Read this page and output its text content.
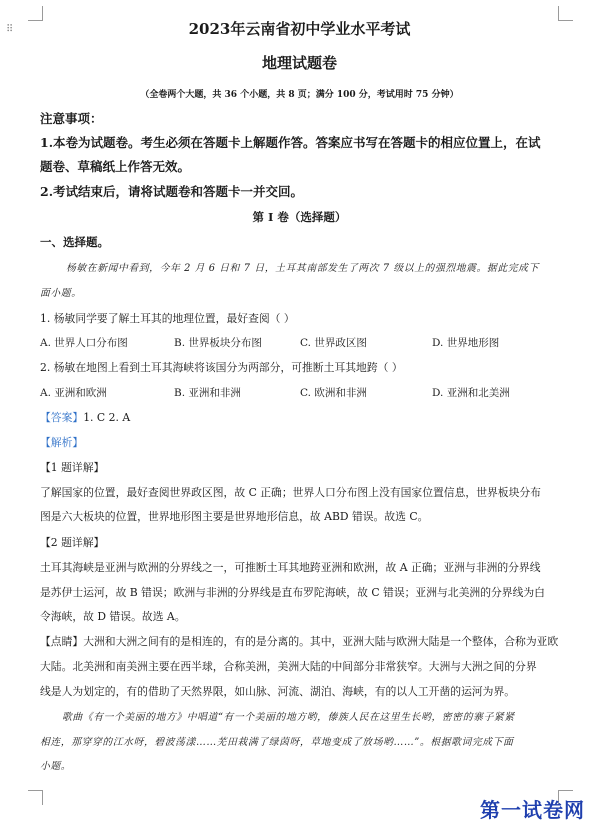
⠿	2023年云南省初中学业水平考试
地理试题卷
（全卷两个大题，共 36 个小题，共 8 页；满分 100 分，考试用时 75 分钟）
注意事项：
1.本卷为试题卷。考生必须在答题卡上解题作答。答案应书写在答题卡的相应位置上，在试
题卷、草稿纸上作答无效。
2.考试结束后，请将试题卷和答题卡一并交回。
第 I 卷（选择题）
一、选择题。
杨敏在新闻中看到，今年 2 月 6 日和 7 日，土耳其南部发生了两次 7 级以上的强烈地震。据此完成下
面小题。
1. 杨敏同学要了解土耳其的地理位置，最好查阅（ ）
A. 世界人口分布图	B. 世界板块分布图	C. 世界政区图	D. 世界地形图
2. 杨敏在地图上看到土耳其海峡将该国分为两部分，可推断土耳其地跨（ ）
A. 亚洲和欧洲	B. 亚洲和非洲	C. 欧洲和非洲	D. 亚洲和北美洲
【答案】1. C 2. A
【解析】
【1 题详解】
了解国家的位置，最好查阅世界政区图，故 C 正确；世界人口分布图上没有国家位置信息，世界板块分布
图是六大板块的位置，世界地形图主要是世界地形信息，故 ABD 错误。故选 C。
【2 题详解】
土耳其海峡是亚洲与欧洲的分界线之一，可推断土耳其地跨亚洲和欧洲，故 A 正确；亚洲与非洲的分界线
是苏伊士运河，故 B 错误；欧洲与非洲的分界线是直布罗陀海峡，故 C 错误；亚洲与北美洲的分界线为白
令海峡，故 D 错误。故选 A。
【点睛】大洲和大洲之间有的是相连的，有的是分离的。其中，亚洲大陆与欧洲大陆是一个整体，合称为亚欧
大陆。北美洲和南美洲主要在西半球，合称美洲，美洲大陆的中间部分非常狭窄。大洲与大洲之间的分界
线是人为划定的，有的借助了天然界限，如山脉、河流、湖泊、海峡，有的以人工开凿的运河为界。
歌曲《有一个美丽的地方》中唱道“有一个美丽的地方哟，傣族人民在这里生长哟，密密的寨子紧紧
相连，那穿穿的江水呀，碧波荡漾……芜田栽满了绿茵呀，草地变成了放场哟……”。根据歌词完成下面
小题。
第一试卷网
